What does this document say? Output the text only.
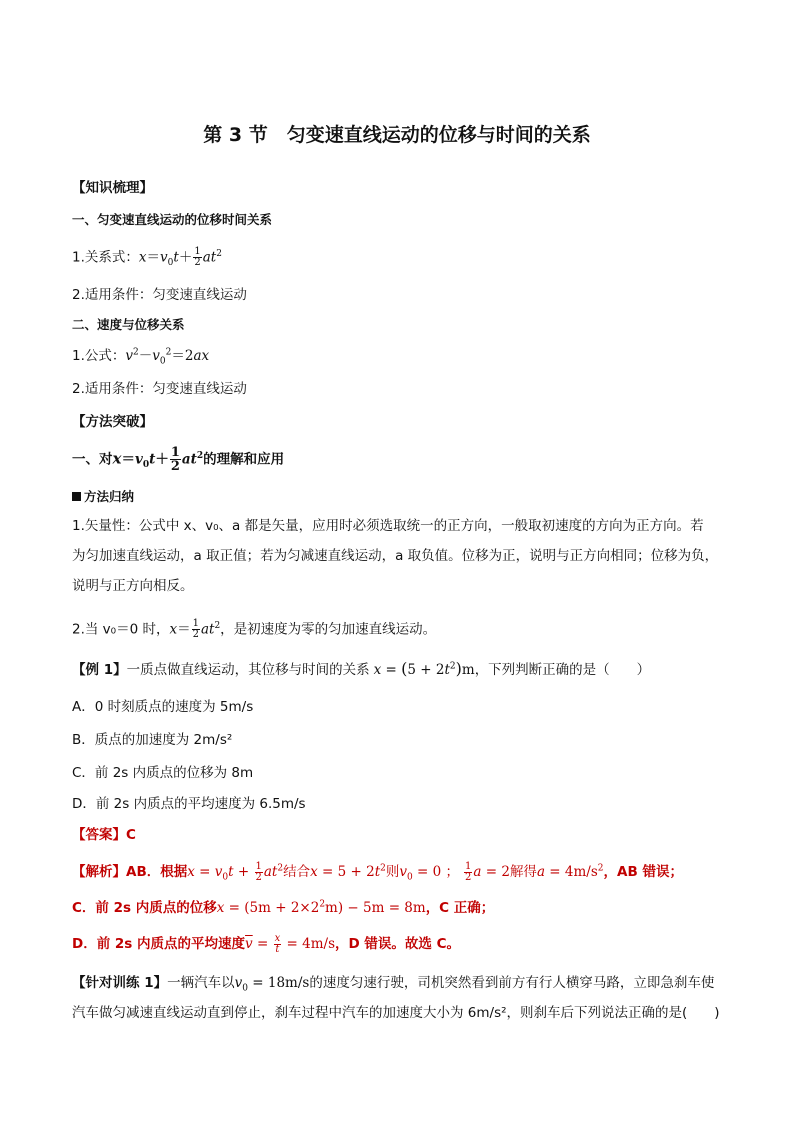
第 3 节　匀变速直线运动的位移与时间的关系
【知识梳理】
一、匀变速直线运动的位移时间关系
1.关系式：$x=v_0t+ \frac{1}{2} at^2$
2.适用条件：匀变速直线运动
二、速度与位移关系
1.公式：$v^2-v_0^2=2ax$
2.适用条件：匀变速直线运动
【方法突破】
一、对$x=v_0t+ \frac{1}{2} at^2$的理解和应用
方法归纳
1.矢量性：公式中 x、v₀、a 都是矢量，应用时必须选取统一的正方向，一般取初速度的方向为正方向。若
为匀加速直线运动，a 取正值；若为匀减速直线运动，a 取负值。位移为正，说明与正方向相同；位移为负，
说明与正方向相反。
2.当 v₀＝0 时，$x= \frac{1}{2} at^2$，是初速度为零的匀加速直线运动。
【例 1】一质点做直线运动，其位移与时间的关系 $x = (5 + 2t^2)m$，下列判断正确的是（　　）
A．0 时刻质点的速度为 5m/s
B．质点的加速度为 2m/s²
C．前 2s 内质点的位移为 8m
D．前 2s 内质点的平均速度为 6.5m/s
【答案】C
【解析】AB．根据$x = v_0t + \frac{1}{2} at^2$结合$x = 5 + 2t^2$则$v_0 = 0$ ； $\frac{1}{2}$ a = 2解得$a = 4m/s^2$，AB 错误；
C．前 2s 内质点的位移$x = (5m + 2\times 2^2m) - 5m = 8m$，C 正确；
D．前 2s 内质点的平均速度$\overline{v} = \frac{x}{t} = 4m/s$，D 错误。故选 C。
【针对训练 1】一辆汽车以$v_0 = 18m/s$的速度匀速行驶，司机突然看到前方有行人横穿马路，立即急刹车使
汽车做匀减速直线运动直到停止，刹车过程中汽车的加速度大小为 6m/s²，则刹车后下列说法正确的是(　　)
